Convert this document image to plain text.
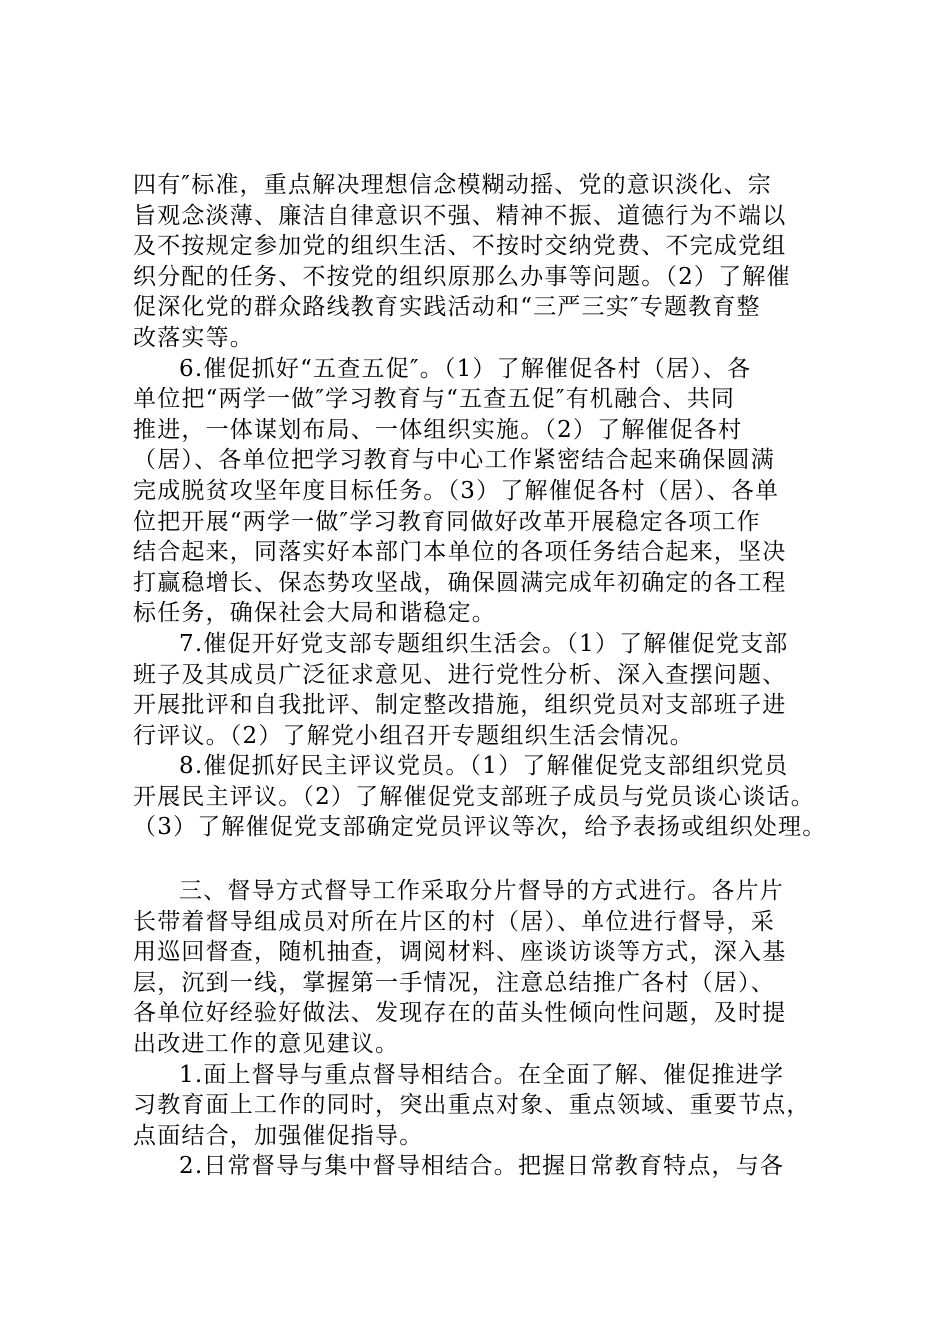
四有″标准，重点解决理想信念模糊动摇、党的意识淡化、宗
旨观念淡薄、廉洁自律意识不强、精神不振、道德行为不端以
及不按规定参加党的组织生活、不按时交纳党费、不完成党组
织分配的任务、不按党的组织原那么办事等问题。（2）了解催
促深化党的群众路线教育实践活动和“三严三实″专题教育整
改落实等。
6.催促抓好“五查五促″。（1）了解催促各村（居）、各
单位把“两学一做″学习教育与“五查五促″有机融合、共同
推进，一体谋划布局、一体组织实施。（2）了解催促各村
（居）、各单位把学习教育与中心工作紧密结合起来确保圆满
完成脱贫攻坚年度目标任务。（3）了解催促各村（居）、各单
位把开展“两学一做″学习教育同做好改革开展稳定各项工作
结合起来，同落实好本部门本单位的各项任务结合起来，坚决
打赢稳增长、保态势攻坚战，确保圆满完成年初确定的各工程
标任务，确保社会大局和谐稳定。
7.催促开好党支部专题组织生活会。（1）了解催促党支部
班子及其成员广泛征求意见、进行党性分析、深入查摆问题、
开展批评和自我批评、制定整改措施，组织党员对支部班子进
行评议。（2）了解党小组召开专题组织生活会情况。
8.催促抓好民主评议党员。（1）了解催促党支部组织党员
开展民主评议。（2）了解催促党支部班子成员与党员谈心谈话。
（3）了解催促党支部确定党员评议等次，给予表扬或组织处理。
三、督导方式督导工作采取分片督导的方式进行。各片片
长带着督导组成员对所在片区的村（居）、单位进行督导，采
用巡回督查，随机抽查，调阅材料、座谈访谈等方式，深入基
层，沉到一线，掌握第一手情况，注意总结推广各村（居）、
各单位好经验好做法、发现存在的苗头性倾向性问题，及时提
出改进工作的意见建议。
1.面上督导与重点督导相结合。在全面了解、催促推进学
习教育面上工作的同时，突出重点对象、重点领域、重要节点，
点面结合，加强催促指导。
2.日常督导与集中督导相结合。把握日常教育特点，与各
